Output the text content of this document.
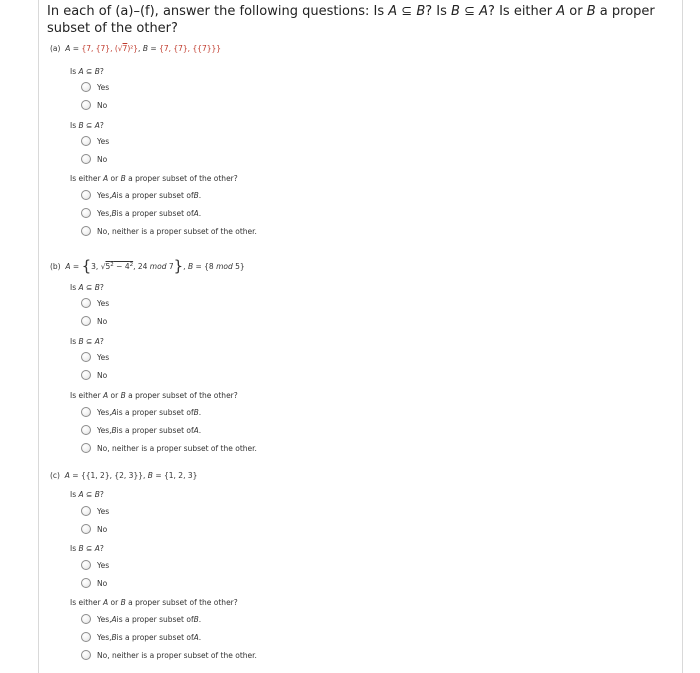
In each of (a)–(f), answer the following questions: Is A ⊆ B? Is B ⊆ A? Is either A or B a proper subset of the other?
(a) A = {7, {7}, (√7)²}, B = {7, {7}, {{7}}}
Is A ⊆ B?
Yes
No
Is B ⊆ A?
Yes
No
Is either A or B a proper subset of the other?
Yes, A is a proper subset of B .
Yes, B is a proper subset of A .
No, neither is a proper subset of the other.
(b) A = {3, $√5^2 - 4^2$, 24 mod 7}, B = {8 mod 5}
Is A ⊆ B?
Yes
No
Is B ⊆ A?
Yes
No
Is either A or B a proper subset of the other?
Yes, A is a proper subset of B .
Yes, B is a proper subset of A .
No, neither is a proper subset of the other.
(c) A = {{1, 2}, {2, 3}}, B = {1, 2, 3}
Is A ⊆ B?
Yes
No
Is B ⊆ A?
Yes
No
Is either A or B a proper subset of the other?
Yes, A is a proper subset of B .
Yes, B is a proper subset of A .
No, neither is a proper subset of the other.
